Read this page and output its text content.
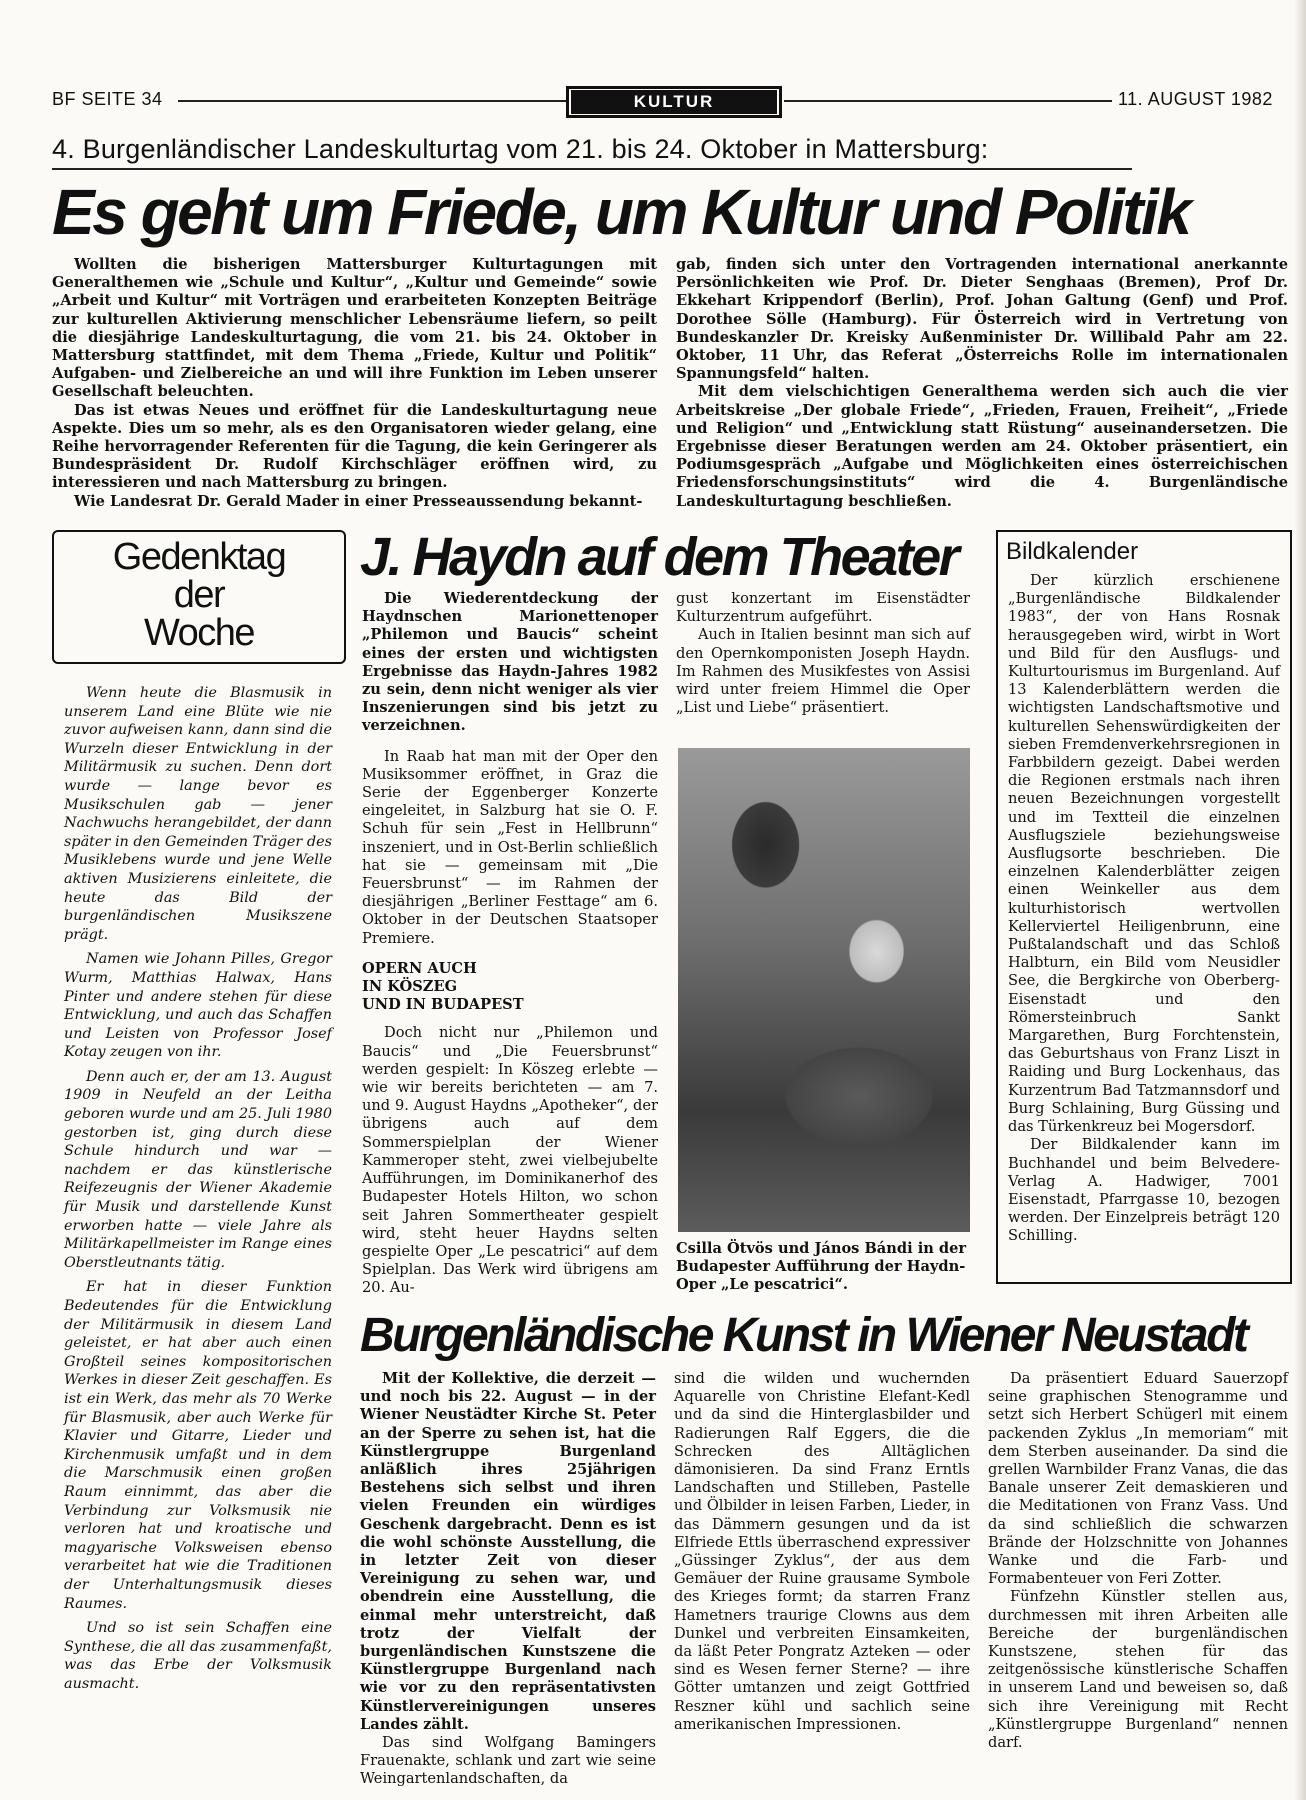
BF SEITE 34	KULTUR	11. AUGUST 1982
4. Burgenländischer Landeskulturtag vom 21. bis 24. Oktober in Mattersburg:
Es geht um Friede, um Kultur und Politik

Wollten die bisherigen Mattersburger Kulturtagungen mit Generalthemen wie „Schule und Kultur“, „Kultur und Gemeinde“ sowie „Arbeit und Kultur“ mit Vorträgen und erarbeiteten Konzepten Beiträge zur kulturellen Aktivierung menschlicher Lebensräume liefern, so peilt die diesjährige Landeskulturtagung, die vom 21. bis 24. Oktober in Mattersburg stattfindet, mit dem Thema „Friede, Kultur und Politik“ Aufgaben- und Zielbereiche an und will ihre Funktion im Leben unserer Gesellschaft beleuchten.

Das ist etwas Neues und eröffnet für die Landeskulturtagung neue Aspekte. Dies um so mehr, als es den Organisatoren wieder gelang, eine Reihe hervorragender Referenten für die Tagung, die kein Geringerer als Bundespräsident Dr. Rudolf Kirchschläger eröffnen wird, zu interessieren und nach Mattersburg zu bringen.

Wie Landesrat Dr. Gerald Mader in einer Presseaussendung bekannt-

gab, finden sich unter den Vortragenden international anerkannte Persönlichkeiten wie Prof. Dr. Dieter Senghaas (Bremen), Prof Dr. Ekkehart Krippendorf (Berlin), Prof. Johan Galtung (Genf) und Prof. Dorothee Sölle (Hamburg). Für Österreich wird in Vertretung von Bundeskanzler Dr. Kreisky Außenminister Dr. Willibald Pahr am 22. Oktober, 11 Uhr, das Referat „Österreichs Rolle im internationalen Spannungsfeld“ halten.

Mit dem vielschichtigen Generalthema werden sich auch die vier Arbeitskreise „Der globale Friede“, „Frieden, Frauen, Freiheit“, „Friede und Religion“ und „Entwicklung statt Rüstung“ auseinandersetzen. Die Ergebnisse dieser Beratungen werden am 24. Oktober präsentiert, ein Podiumsgespräch „Aufgabe und Möglichkeiten eines österreichischen Friedensforschungsinstituts“ wird die 4. Burgenländische Landeskulturtagung beschließen.

Gedenktag
der
Woche

Wenn heute die Blasmusik in unserem Land eine Blüte wie nie zuvor aufweisen kann, dann sind die Wurzeln dieser Entwicklung in der Militärmusik zu suchen. Denn dort wurde — lange bevor es Musikschulen gab — jener Nachwuchs herangebildet, der dann später in den Gemeinden Träger des Musiklebens wurde und jene Welle aktiven Musizierens einleitete, die heute das Bild der burgenländischen Musikszene prägt.

Namen wie Johann Pilles, Gregor Wurm, Matthias Halwax, Hans Pinter und andere stehen für diese Entwicklung, und auch das Schaffen und Leisten von Professor Josef Kotay zeugen von ihr.

Denn auch er, der am 13. August 1909 in Neufeld an der Leitha geboren wurde und am 25. Juli 1980 gestorben ist, ging durch diese Schule hindurch und war — nachdem er das künstlerische Reifezeugnis der Wiener Akademie für Musik und darstellende Kunst erworben hatte — viele Jahre als Militärkapellmeister im Range eines Oberstleutnants tätig.

Er hat in dieser Funktion Bedeutendes für die Entwicklung der Militärmusik in diesem Land geleistet, er hat aber auch einen Großteil seines kompositorischen Werkes in dieser Zeit geschaffen. Es ist ein Werk, das mehr als 70 Werke für Blasmusik, aber auch Werke für Klavier und Gitarre, Lieder und Kirchenmusik umfaßt und in dem die Marschmusik einen großen Raum einnimmt, das aber die Verbindung zur Volksmusik nie verloren hat und kroatische und magyarische Volksweisen ebenso verarbeitet hat wie die Traditionen der Unterhaltungsmusik dieses Raumes.

Und so ist sein Schaffen eine Synthese, die all das zusammenfaßt, was das Erbe der Volksmusik ausmacht.

J. Haydn auf dem Theater

Die Wiederentdeckung der Haydnschen Marionettenoper „Philemon und Baucis“ scheint eines der ersten und wichtigsten Ergebnisse das Haydn-Jahres 1982 zu sein, denn nicht weniger als vier Inszenierungen sind bis jetzt zu verzeichnen.

In Raab hat man mit der Oper den Musiksommer eröffnet, in Graz die Serie der Eggenberger Konzerte eingeleitet, in Salzburg hat sie O. F. Schuh für sein „Fest in Hellbrunn“ inszeniert, und in Ost-Berlin schließlich hat sie — gemeinsam mit „Die Feuersbrunst“ — im Rahmen der diesjährigen „Berliner Festtage“ am 6. Oktober in der Deutschen Staatsoper Premiere.

OPERN AUCH
IN KÖSZEG
UND IN BUDAPEST

Doch nicht nur „Philemon und Baucis“ und „Die Feuersbrunst“ werden gespielt: In Köszeg erlebte — wie wir bereits berichteten — am 7. und 9. August Haydns „Apotheker“, der übrigens auch auf dem Sommerspielplan der Wiener Kammeroper steht, zwei vielbejubelte Aufführungen, im Dominikanerhof des Budapester Hotels Hilton, wo schon seit Jahren Sommertheater gespielt wird, steht heuer Haydns selten gespielte Oper „Le pescatrici“ auf dem Spielplan. Das Werk wird übrigens am 20. Au-

gust konzertant im Eisenstädter Kulturzentrum aufgeführt.

Auch in Italien besinnt man sich auf den Opernkomponisten Joseph Haydn. Im Rahmen des Musikfestes von Assisi wird unter freiem Himmel die Oper „List und Liebe“ präsentiert.

Csilla Ötvös und János Bándi in der Budapester Aufführung der Haydn-Oper „Le pescatrici“.
Bildkalender

Der kürzlich erschienene „Burgenländische Bildkalender 1983“, der von Hans Rosnak herausgegeben wird, wirbt in Wort und Bild für den Ausflugs- und Kulturtourismus im Burgenland. Auf 13 Kalenderblättern werden die wichtigsten Landschaftsmotive und kulturellen Sehenswürdigkeiten der sieben Fremdenverkehrsregionen in Farbbildern gezeigt. Dabei werden die Regionen erstmals nach ihren neuen Bezeichnungen vorgestellt und im Textteil die einzelnen Ausflugsziele beziehungsweise Ausflugsorte beschrieben. Die einzelnen Kalenderblätter zeigen einen Weinkeller aus dem kulturhistorisch wertvollen Kellerviertel Heiligenbrunn, eine Pußtalandschaft und das Schloß Halbturn, ein Bild vom Neusidler See, die Bergkirche von Oberberg-Eisenstadt und den Römersteinbruch Sankt Margarethen, Burg Forchtenstein, das Geburtshaus von Franz Liszt in Raiding und Burg Lockenhaus, das Kurzentrum Bad Tatzmannsdorf und Burg Schlaining, Burg Güssing und das Türkenkreuz bei Mogersdorf.

Der Bildkalender kann im Buchhandel und beim Belvedere-Verlag A. Hadwiger, 7001 Eisenstadt, Pfarrgasse 10, bezogen werden. Der Einzelpreis beträgt 120 Schilling.

Burgenländische Kunst in Wiener Neustadt

Mit der Kollektive, die derzeit — und noch bis 22. August — in der Wiener Neustädter Kirche St. Peter an der Sperre zu sehen ist, hat die Künstlergruppe Burgenland anläßlich ihres 25jährigen Bestehens sich selbst und ihren vielen Freunden ein würdiges Geschenk dargebracht. Denn es ist die wohl schönste Ausstellung, die in letzter Zeit von dieser Vereinigung zu sehen war, und obendrein eine Ausstellung, die einmal mehr unterstreicht, daß trotz der Vielfalt der burgenländischen Kunstszene die Künstlergruppe Burgenland nach wie vor zu den repräsentativsten Künstlervereinigungen unseres Landes zählt.

Das sind Wolfgang Bamingers Frauenakte, schlank und zart wie seine Weingartenlandschaften, da

sind die wilden und wuchernden Aquarelle von Christine Elefant-Kedl und da sind die Hinterglasbilder und Radierungen Ralf Eggers, die die Schrecken des Alltäglichen dämonisieren. Da sind Franz Erntls Landschaften und Stilleben, Pastelle und Ölbilder in leisen Farben, Lieder, in das Dämmern gesungen und da ist Elfriede Ettls überraschend expressiver „Güssinger Zyklus“, der aus dem Gemäuer der Ruine grausame Symbole des Krieges formt; da starren Franz Hametners traurige Clowns aus dem Dunkel und verbreiten Einsamkeiten, da läßt Peter Pongratz Azteken — oder sind es Wesen ferner Sterne? — ihre Götter umtanzen und zeigt Gottfried Reszner kühl und sachlich seine amerikanischen Impressionen.

Da präsentiert Eduard Sauerzopf seine graphischen Stenogramme und setzt sich Herbert Schügerl mit einem packenden Zyklus „In memoriam“ mit dem Sterben auseinander. Da sind die grellen Warnbilder Franz Vanas, die das Banale unserer Zeit demaskieren und die Meditationen von Franz Vass. Und da sind schließlich die schwarzen Brände der Holzschnitte von Johannes Wanke und die Farb- und Formabenteuer von Feri Zotter.

Fünfzehn Künstler stellen aus, durchmessen mit ihren Arbeiten alle Bereiche der burgenländischen Kunstszene, stehen für das zeitgenössische künstlerische Schaffen in unserem Land und beweisen so, daß sich ihre Vereinigung mit Recht „Künstlergruppe Burgenland“ nennen darf.
